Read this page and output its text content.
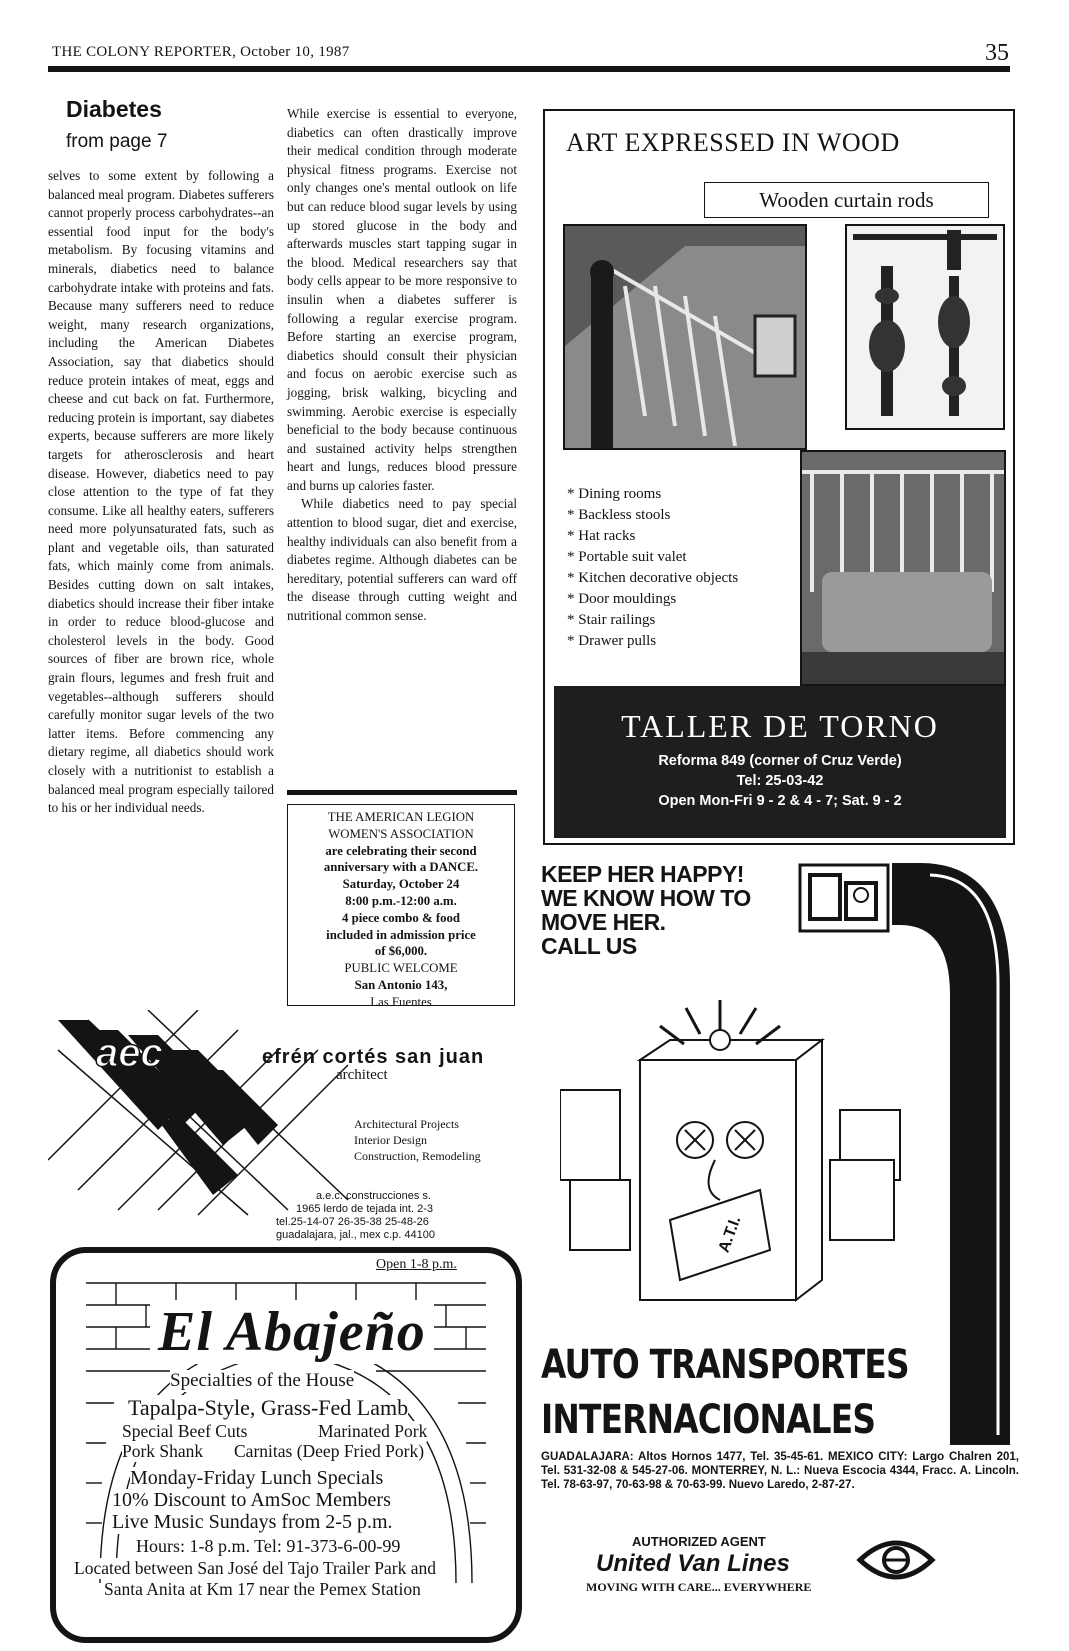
THE COLONY REPORTER, October 10, 1987	35
Diabetes
from page 7

selves to some extent by following a balanced meal program. Diabetes sufferers cannot properly process carbohydrates--an essential food input for the body's metabolism. By focusing vitamins and minerals, diabetics need to balance carbohydrate intake with proteins and fats. Because many sufferers need to reduce weight, many research organizations, including the American Diabetes Association, say that diabetics should reduce protein intakes of meat, eggs and cheese and cut back on fat. Furthermore, reducing protein is important, say diabetes experts, because sufferers are more likely targets for atherosclerosis and heart disease. However, diabetics need to pay close attention to the type of fat they consume. Like all healthy eaters, sufferers need more polyunsaturated fats, such as plant and vegetable oils, than saturated fats, which mainly come from animals. Besides cutting down on salt intakes, diabetics should increase their fiber intake in order to reduce blood-glucose and cholesterol levels in the body. Good sources of fiber are brown rice, whole grain flours, legumes and fresh fruit and vegetables--although sufferers should carefully monitor sugar levels of the two latter items. Before commencing any dietary regime, all diabetics should work closely with a nutritionist to establish a balanced meal program especially tailored to his or her individual needs.

While exercise is essential to everyone, diabetics can often drastically improve their medical condition through moderate physical fitness programs. Exercise not only changes one's mental outlook on life but can reduce blood sugar levels by using up stored glucose in the body and afterwards muscles start tapping sugar in the blood. Medical researchers say that body cells appear to be more responsive to insulin when a diabetes sufferer is following a regular exercise program. Before starting an exercise program, diabetics should consult their physician and focus on aerobic exercise such as jogging, brisk walking, bicycling and swimming. Aerobic exercise is especially beneficial to the body because continuous and sustained activity helps strengthen heart and lungs, reduces blood pressure and burns up calories faster.

While diabetics need to pay special attention to blood sugar, diet and exercise, healthy individuals can also benefit from a diabetes regime. Although diabetes can be hereditary, potential sufferers can ward off the disease through cutting weight and nutritional common sense.

THE AMERICAN LEGION
WOMEN'S ASSOCIATION
are celebrating their second
anniversary with a DANCE.
Saturday, October 24
8:00 p.m.-12:00 a.m.
4 piece combo & food
included in admission price
of $6,000.
PUBLIC WELCOME
San Antonio 143,
Las Fuentes
ART EXPRESSED IN WOOD
Wooden curtain rods
* Dining rooms
* Backless stools
* Hat racks
* Portable suit valet
* Kitchen decorative objects
* Door mouldings
* Stair railings
* Drawer pulls
TALLER DE TORNO
Reforma 849 (corner of Cruz Verde)
Tel: 25-03-42
Open Mon-Fri 9 - 2 & 4 - 7; Sat. 9 - 2
aec	efrén cortés san juan
architect
Architectural Projects
Interior Design
Construction, Remodeling
a.e.c. construcciones s.
1965 lerdo de tejada int. 2-3
tel.25-14-07 26-35-38 25-48-26
guadalajara, jal., mex c.p. 44100
Open 1-8 p.m.
El Abajeño
Specialties of the House
Tapalpa-Style, Grass-Fed Lamb
Special Beef Cuts	Marinated Pork
Pork Shank Carnitas (Deep Fried Pork)
Monday-Friday Lunch Specials
10% Discount to AmSoc Members
Live Music Sundays from 2-5 p.m.
Hours: 1-8 p.m. Tel: 91-373-6-00-99
Located between San José del Tajo Trailer Park and
Santa Anita at Km 17 near the Pemex Station
KEEP HER HAPPY!
WE KNOW HOW TO
MOVE HER.
CALL US
A.T.I.
AUTO TRANSPORTES
INTERNACIONALES
GUADALAJARA: Altos Hornos 1477, Tel. 35-45-61. MEXICO CITY: Largo Chalren 201, Tel. 531-32-08 & 545-27-06. MONTERREY, N. L.: Nueva Escocia 4344, Fracc. A. Lincoln. Tel. 78-63-97, 70-63-98 & 70-63-99. Nuevo Laredo, 2-87-27.
AUTHORIZED AGENT
United Van Lines
MOVING WITH CARE... EVERYWHERE
